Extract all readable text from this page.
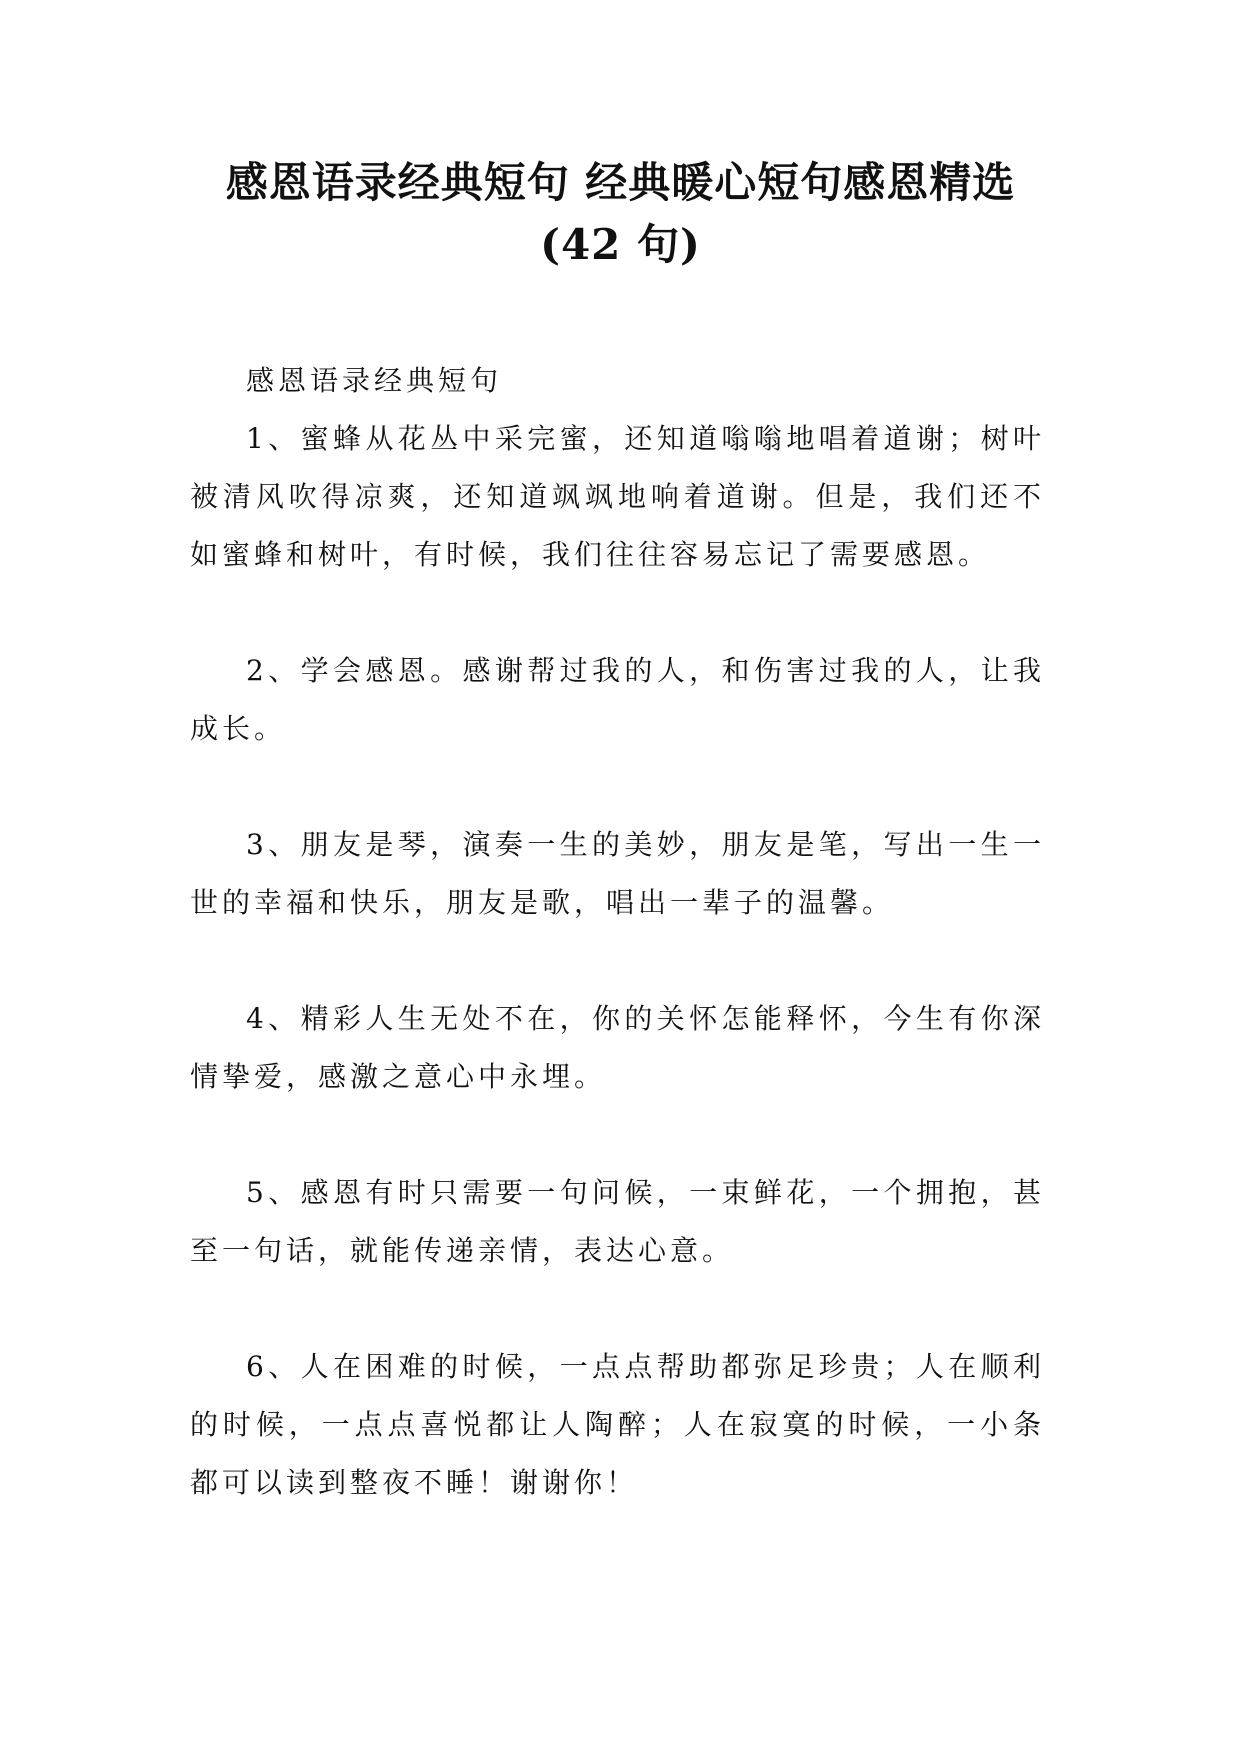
感恩语录经典短句 经典暖心短句感恩精选
(42 句)

感恩语录经典短句

1、蜜蜂从花丛中采完蜜，还知道嗡嗡地唱着道谢；树叶被清风吹得凉爽，还知道飒飒地响着道谢。但是，我们还不如蜜蜂和树叶，有时候，我们往往容易忘记了需要感恩。

2、学会感恩。感谢帮过我的人，和伤害过我的人，让我成长。

3、朋友是琴，演奏一生的美妙，朋友是笔，写出一生一世的幸福和快乐，朋友是歌，唱出一辈子的温馨。

4、精彩人生无处不在，你的关怀怎能释怀，今生有你深情挚爱，感激之意心中永埋。

5、感恩有时只需要一句问候，一束鲜花，一个拥抱，甚至一句话，就能传递亲情，表达心意。

6、人在困难的时候，一点点帮助都弥足珍贵；人在顺利的时候，一点点喜悦都让人陶醉；人在寂寞的时候，一小条都可以读到整夜不睡！谢谢你！
